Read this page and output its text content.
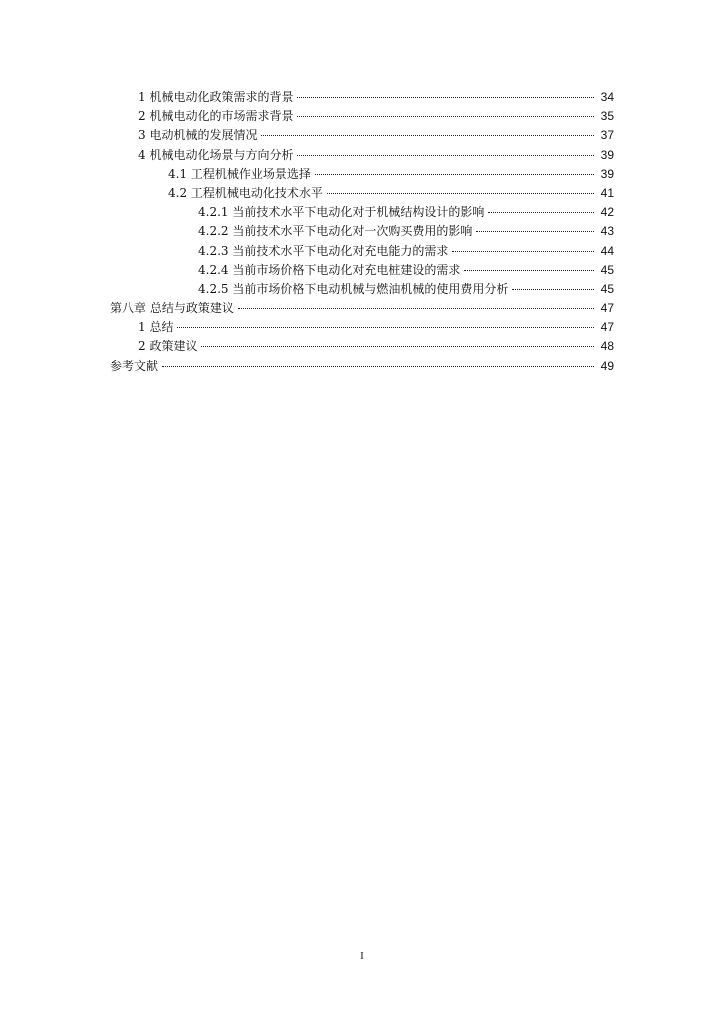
1 机械电动化政策需求的背景	34
2 机械电动化的市场需求背景	35
3 电动机械的发展情况	37
4 机械电动化场景与方向分析	39
4.1 工程机械作业场景选择	39
4.2 工程机械电动化技术水平	41
4.2.1 当前技术水平下电动化对于机械结构设计的影响	42
4.2.2 当前技术水平下电动化对一次购买费用的影响	43
4.2.3 当前技术水平下电动化对充电能力的需求	44
4.2.4 当前市场价格下电动化对充电桩建设的需求	45
4.2.5 当前市场价格下电动机械与燃油机械的使用费用分析	45
第八章 总结与政策建议	47
1 总结	47
2 政策建议	48
参考文献	49
I
